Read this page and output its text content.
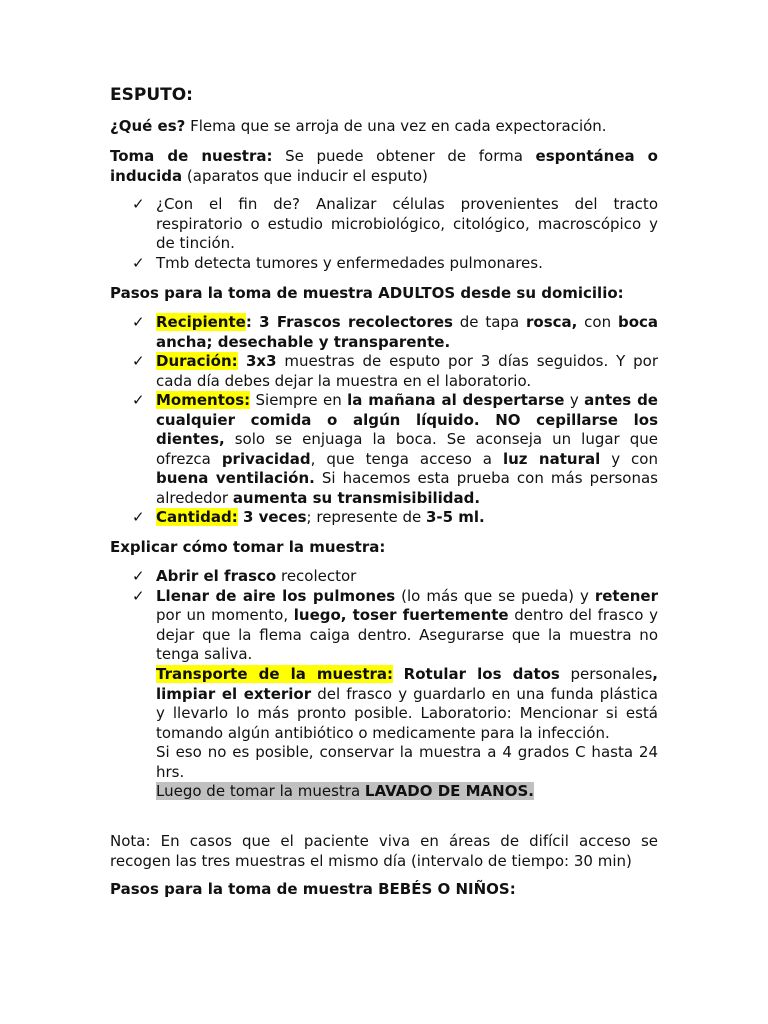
ESPUTO:

¿Qué es? Flema que se arroja de una vez en cada expectoración.

Toma de nuestra: Se puede obtener de forma espontánea o inducida (aparatos que inducir el esputo)

✓ ¿Con el fin de? Analizar células provenientes del tracto respiratorio o estudio microbiológico, citológico, macroscópico y de tinción.
✓ Tmb detecta tumores y enfermedades pulmonares.

Pasos para la toma de muestra ADULTOS desde su domicilio:

✓ Recipiente: 3 Frascos recolectores de tapa rosca, con boca ancha; desechable y transparente.
✓ Duración: 3x3 muestras de esputo por 3 días seguidos. Y por cada día debes dejar la muestra en el laboratorio.
✓ Momentos: Siempre en la mañana al despertarse y antes de cualquier comida o algún líquido. NO cepillarse los dientes, solo se enjuaga la boca. Se aconseja un lugar que ofrezca privacidad, que tenga acceso a luz natural y con buena ventilación. Si hacemos esta prueba con más personas alrededor aumenta su transmisibilidad.
✓ Cantidad: 3 veces; represente de 3-5 ml.

Explicar cómo tomar la muestra:

✓ Abrir el frasco recolector
✓ Llenar de aire los pulmones (lo más que se pueda) y retener por un momento, luego, toser fuertemente dentro del frasco y dejar que la flema caiga dentro. Asegurarse que la muestra no tenga saliva.

Transporte de la muestra: Rotular los datos personales, limpiar el exterior del frasco y guardarlo en una funda plástica y llevarlo lo más pronto posible. Laboratorio: Mencionar si está tomando algún antibiótico o medicamente para la infección.

Si eso no es posible, conservar la muestra a 4 grados C hasta 24 hrs.

Luego de tomar la muestra LAVADO DE MANOS.

Nota: En casos que el paciente viva en áreas de difícil acceso se recogen las tres muestras el mismo día (intervalo de tiempo: 30 min)

Pasos para la toma de muestra BEBÉS O NIÑOS:
